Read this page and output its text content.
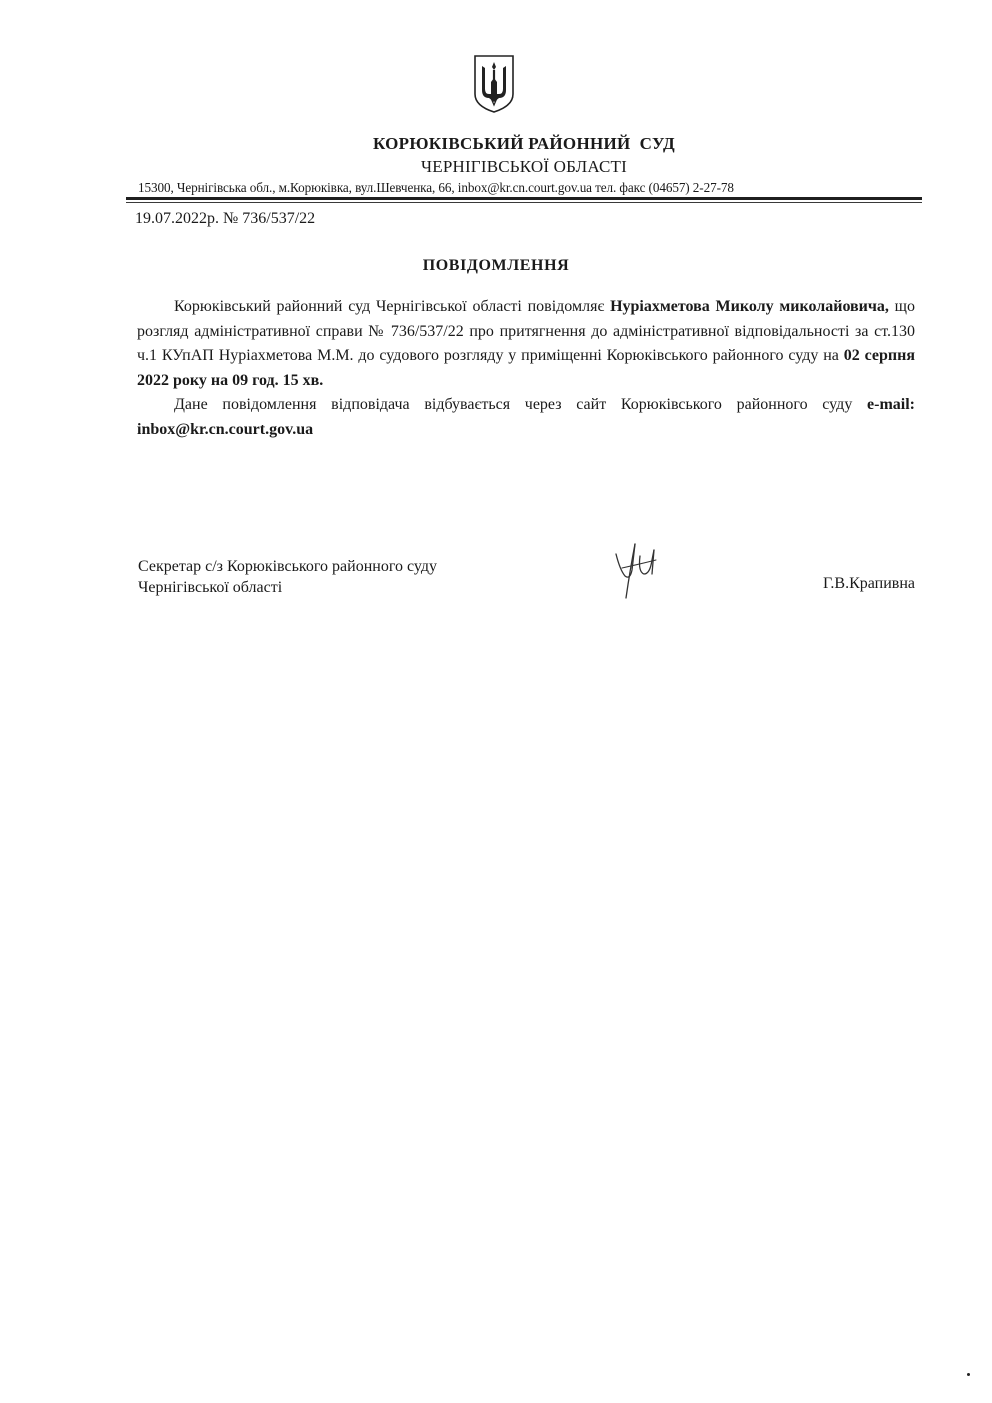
КОРЮКІВСЬКИЙ РАЙОННИЙ  СУД
ЧЕРНІГІВСЬКОЇ ОБЛАСТІ
15300, Чернігівська обл., м.Корюківка, вул.Шевченка, 66, inbox@kr.cn.court.gov.ua тел. факс (04657) 2-27-78
19.07.2022р. № 736/537/22
ПОВІДОМЛЕННЯ

Корюківський районний суд Чернігівської області повідомляє Нуріахметова Миколу миколайовича, що розгляд адміністративної справи № 736/537/22 про притягнення до адміністративної відповідальності за ст.130 ч.1 КУпАП Нуріахметова М.М. до судового розгляду у приміщенні Корюківського районного суду на 02 серпня 2022 року на 09 год. 15 хв.

Дане повідомлення відповідача відбувається через сайт Корюківського районного суду e-mail: inbox@kr.cn.court.gov.ua

Секретар с/з Корюківського районного суду
Чернігівської області	Г.В.Крапивна
